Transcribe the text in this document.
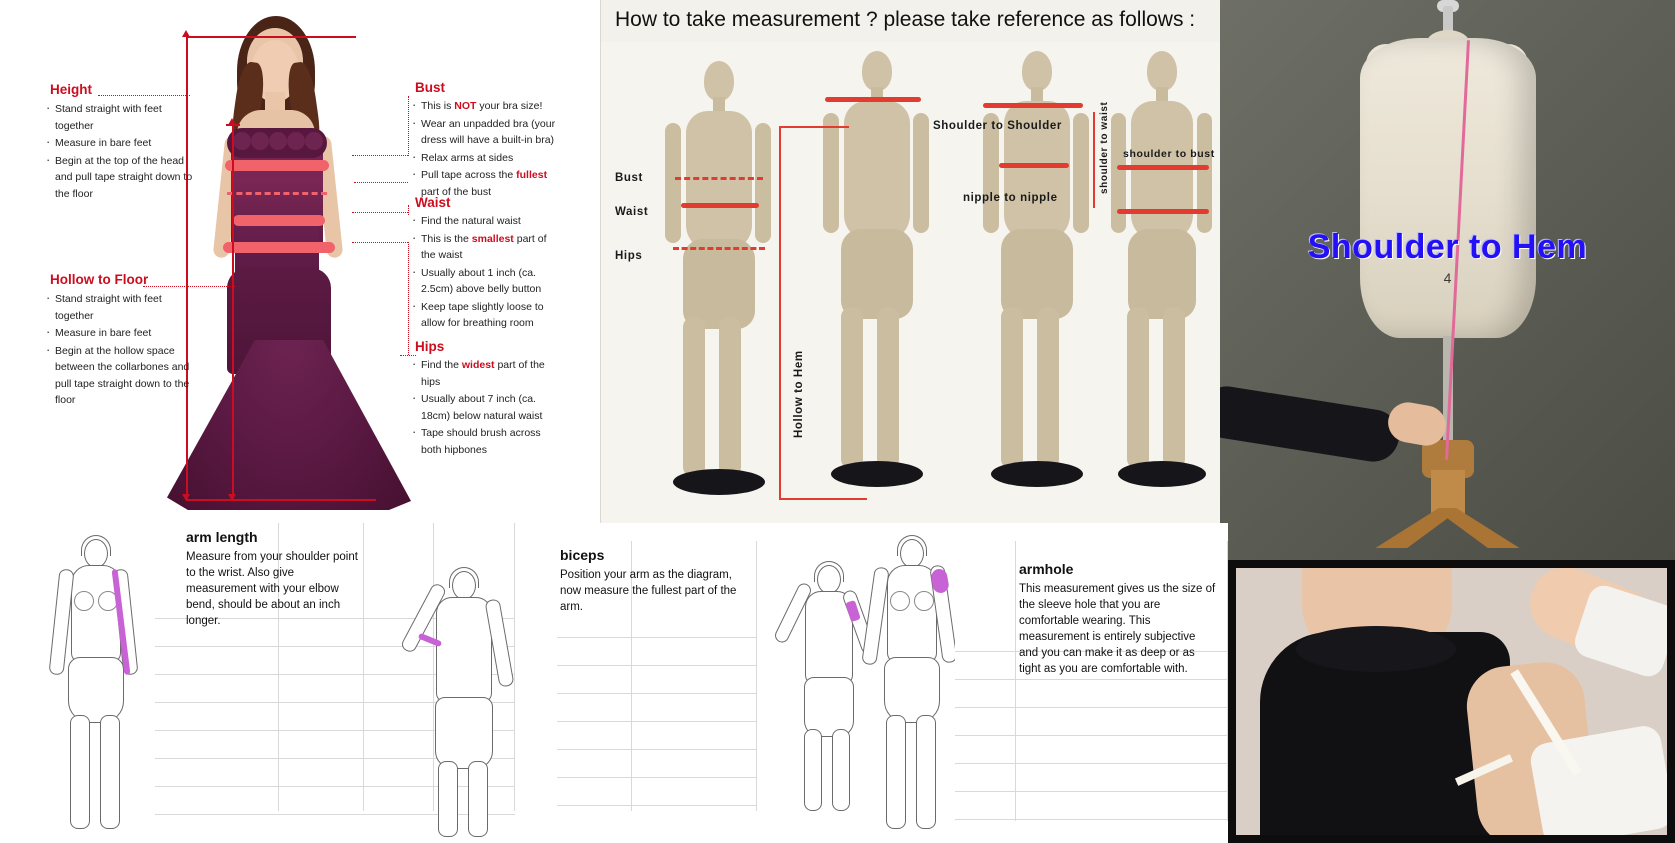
Height
· Stand straight with feet together
· Measure in bare feet
· Begin at the top of the head and pull tape straight down to the floor
Hollow to Floor
· Stand straight with feet together
· Measure in bare feet
· Begin at the hollow space between the collarbones and pull tape straight down to the floor
Bust
· This is NOT your bra size!
· Wear an unpadded bra (your dress will have a built-in bra)
· Relax arms at sides
· Pull tape across the fullest part of the bust
Waist
· Find the natural waist
· This is the smallest part of the waist
· Usually about 1 inch (ca. 2.5cm) above belly button
· Keep tape slightly loose to allow for breathing room
Hips
· Find the widest part of the hips
· Usually about 7 inch (ca. 18cm) below natural waist
· Tape should brush across both hipbones
How to take measurement ? please take reference as follows :
Bust
Waist
Hips
Hollow to Hem
Shoulder to Shoulder
nipple to nipple
shoulder to waist shoulder to bust
4
Shoulder to Hem
arm length
Measure from your shoulder point to the wrist. Also give measurement with your elbow bend, should be about an inch longer.
biceps
Position your arm as the diagram, now measure the fullest part of the arm.
armhole
This measurement gives us the size of the sleeve hole that you are comfortable wearing. This measurement is entirely subjective and you can make it as deep or as tight as you are comfortable with.
